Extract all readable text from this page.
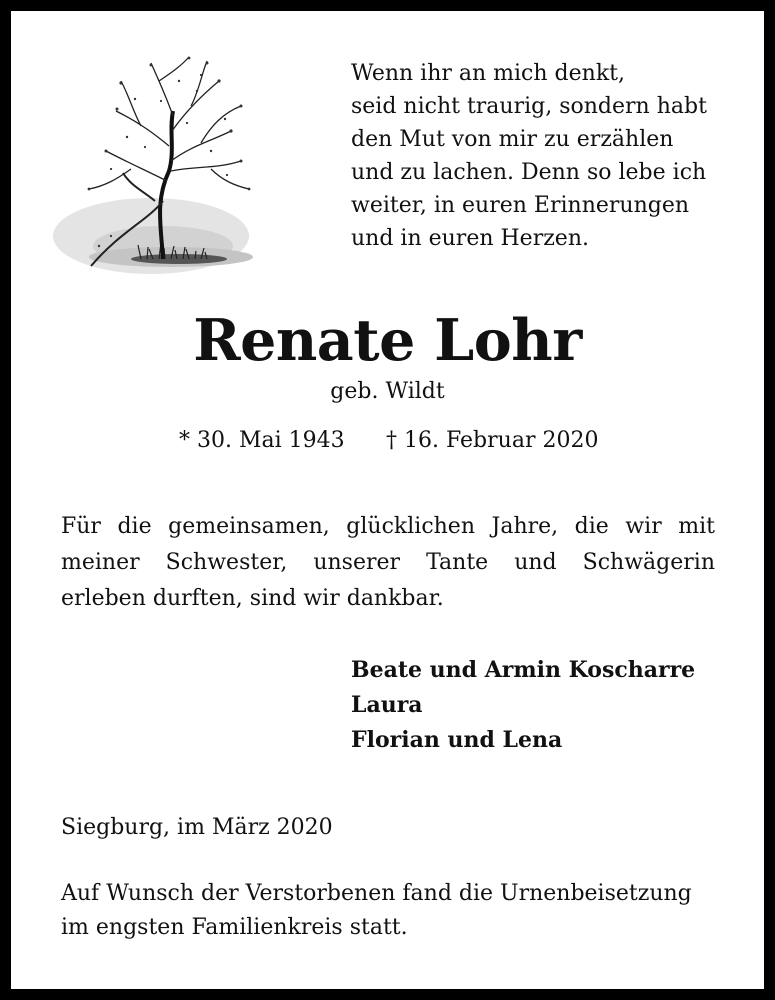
Wenn ihr an mich denkt,
seid nicht traurig, sondern habt
den Mut von mir zu erzählen
und zu lachen. Denn so lebe ich
weiter, in euren Erinnerungen
und in euren Herzen.
Renate Lohr
geb. Wildt
* 30. Mai 1943 † 16. Februar 2020
Für die gemeinsamen, glücklichen Jahre, die wir mit
meiner Schwester, unserer Tante und Schwägerin
erleben durften, sind wir dankbar.
Beate und Armin Koscharre
Laura
Florian und Lena
Siegburg, im März 2020
Auf Wunsch der Verstorbenen fand die Urnenbeisetzung
im engsten Familienkreis statt.
